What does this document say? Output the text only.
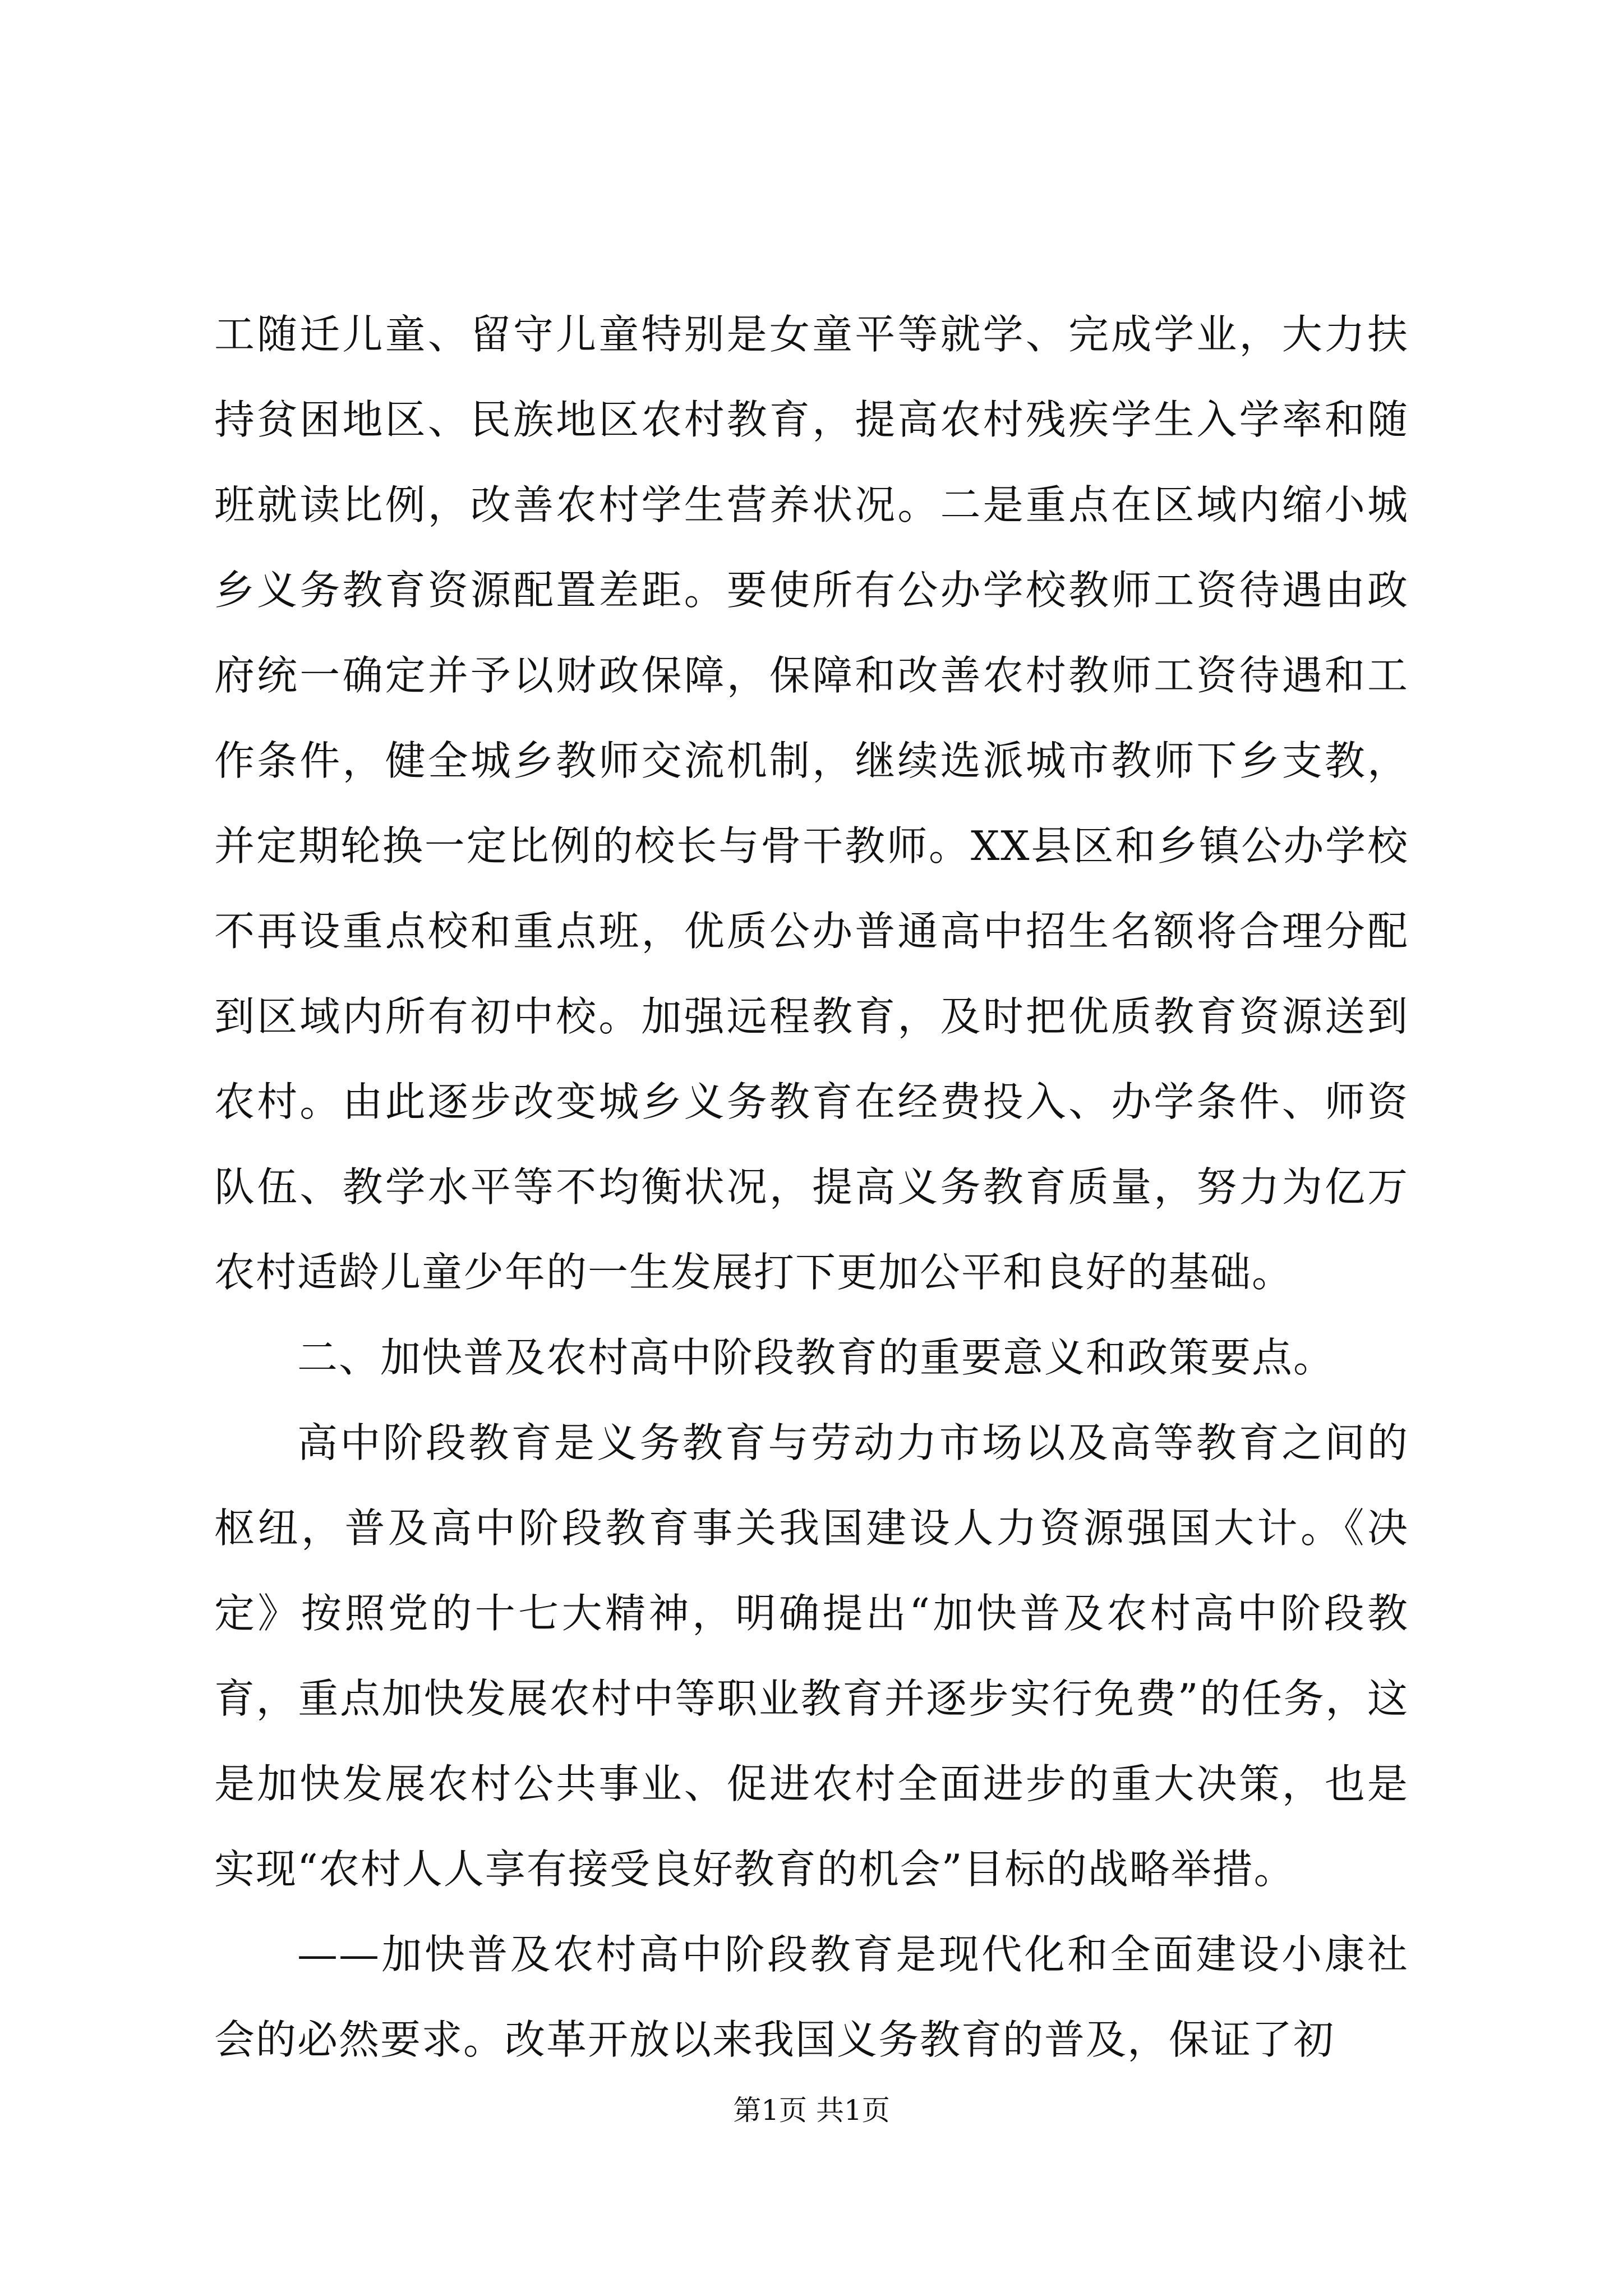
工随迁儿童、留守儿童特别是女童平等就学、完成学业，大力扶持贫困地区、民族地区农村教育，提高农村残疾学生入学率和随班就读比例，改善农村学生营养状况。二是重点在区域内缩小城乡义务教育资源配置差距。要使所有公办学校教师工资待遇由政府统一确定并予以财政保障，保障和改善农村教师工资待遇和工作条件，健全城乡教师交流机制，继续选派城市教师下乡支教，并定期轮换一定比例的校长与骨干教师。XX县区和乡镇公办学校不再设重点校和重点班，优质公办普通高中招生名额将合理分配到区域内所有初中校。加强远程教育，及时把优质教育资源送到农村。由此逐步改变城乡义务教育在经费投入、办学条件、师资队伍、教学水平等不均衡状况，提高义务教育质量，努力为亿万农村适龄儿童少年的一生发展打下更加公平和良好的基础。

二、加快普及农村高中阶段教育的重要意义和政策要点。

高中阶段教育是义务教育与劳动力市场以及高等教育之间的枢纽，普及高中阶段教育事关我国建设人力资源强国大计。《决定》按照党的十七大精神，明确提出“加快普及农村高中阶段教育，重点加快发展农村中等职业教育并逐步实行免费”的任务，这是加快发展农村公共事业、促进农村全面进步的重大决策，也是实现“农村人人享有接受良好教育的机会”目标的战略举措。

——加快普及农村高中阶段教育是现代化和全面建设小康社会的必然要求。改革开放以来我国义务教育的普及，保证了初

第1页 共1页
